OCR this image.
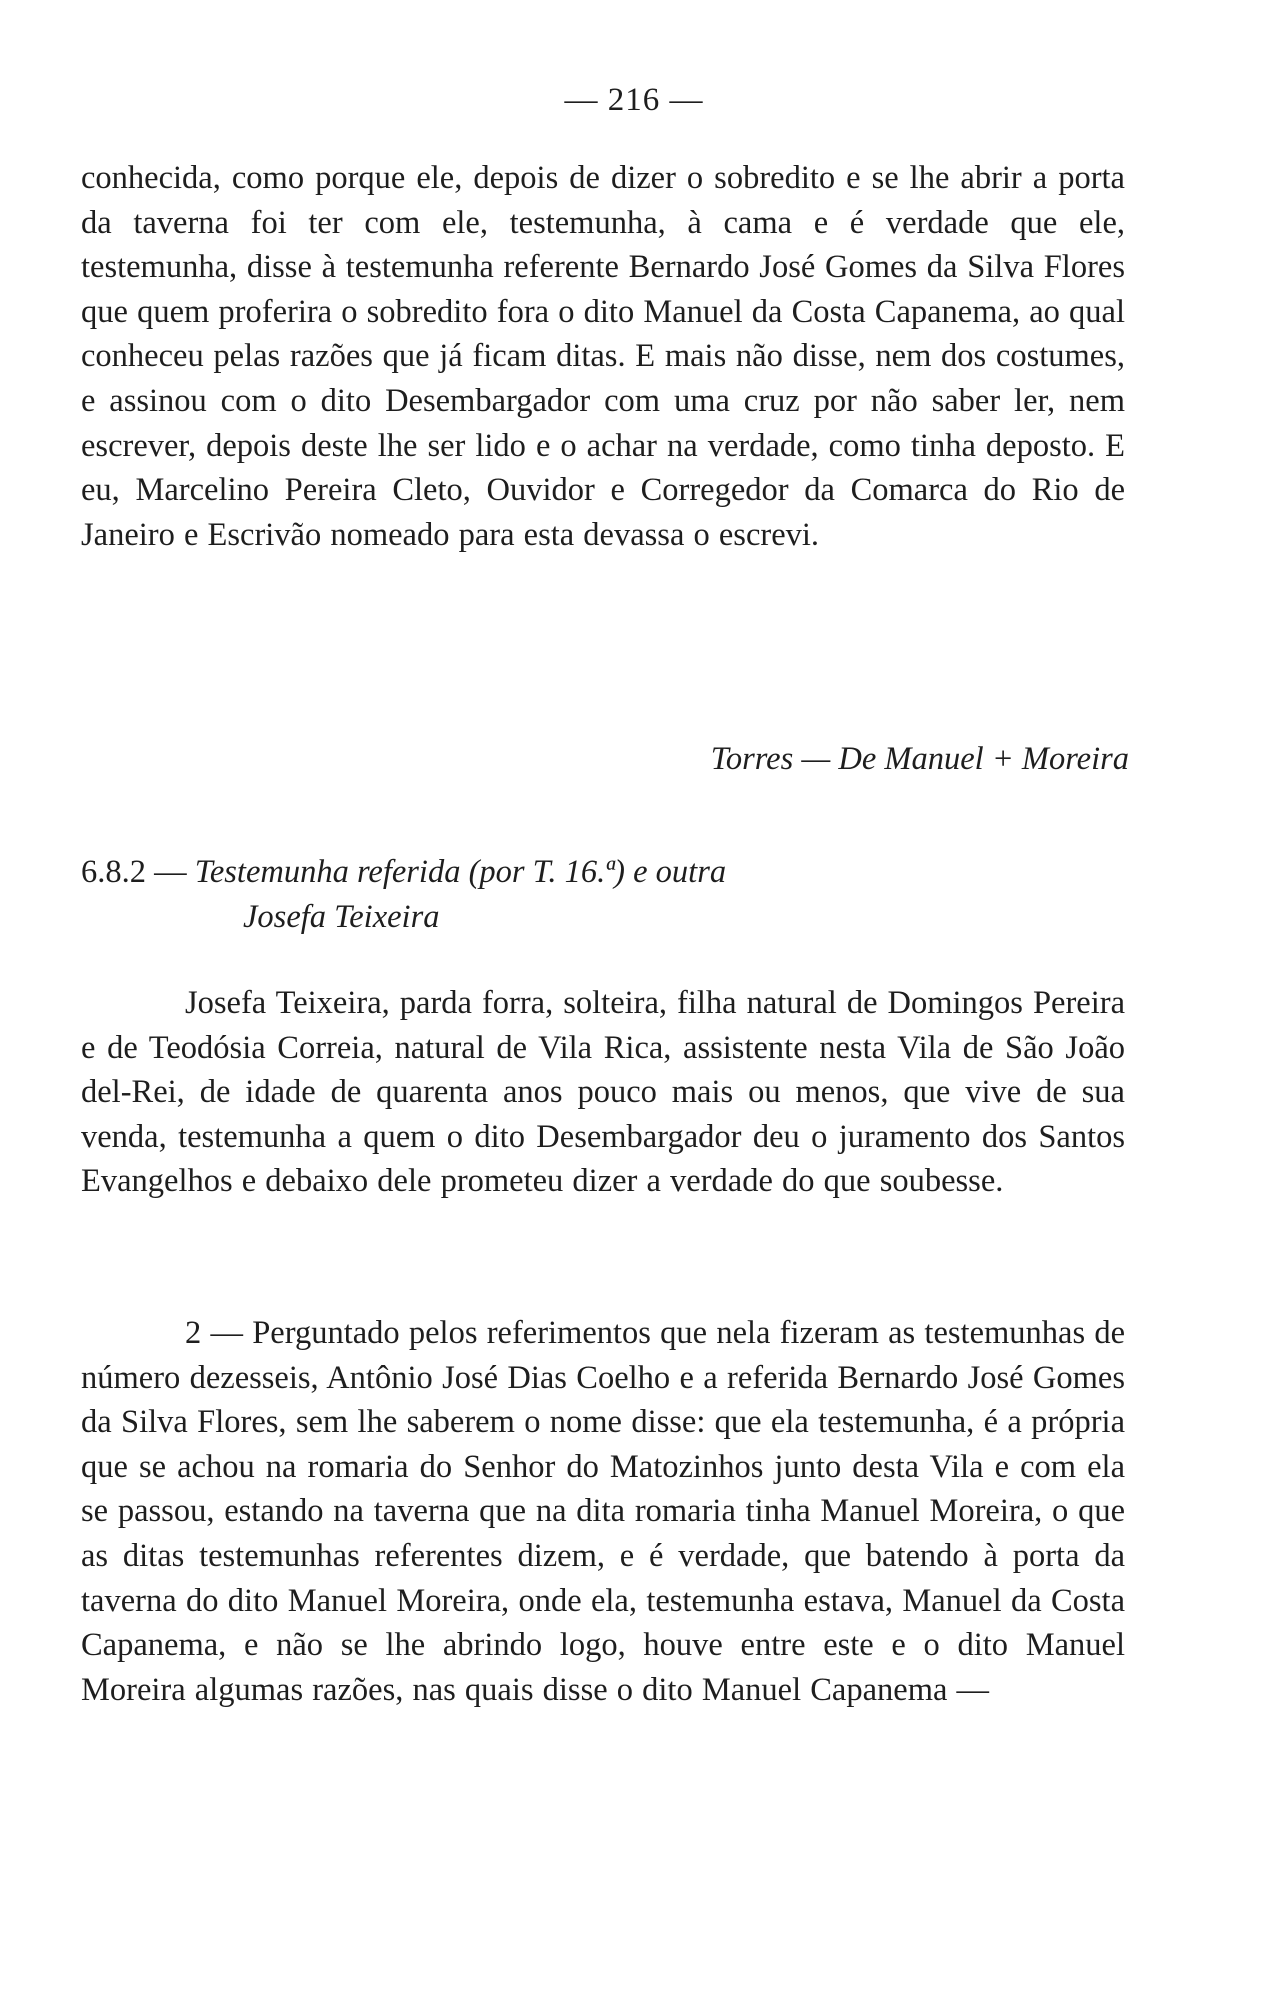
— 216 —

conhecida, como porque ele, depois de dizer o sobredito e se lhe abrir a porta da taverna foi ter com ele, testemunha, à cama e é verdade que ele, testemunha, disse à testemunha referente Bernardo José Gomes da Silva Flores que quem proferira o sobredito fora o dito Manuel da Costa Capanema, ao qual conheceu pelas razões que já ficam ditas. E mais não disse, nem dos costumes, e assinou com o dito Desembargador com uma cruz por não saber ler, nem escrever, depois deste lhe ser lido e o achar na verdade, como tinha deposto. E eu, Marcelino Pereira Cleto, Ouvidor e Corregedor da Comarca do Rio de Janeiro e Escrivão nomeado para esta devassa o escrevi.

Torres — De Manuel + Moreira
6.8.2 — Testemunha referida (por T. 16.ª) e outra
Josefa Teixeira

Josefa Teixeira, parda forra, solteira, filha natural de Domingos Pereira e de Teodósia Correia, natural de Vila Rica, assistente nesta Vila de São João del-Rei, de idade de quarenta anos pouco mais ou menos, que vive de sua venda, testemunha a quem o dito Desembargador deu o juramento dos Santos Evangelhos e debaixo dele prometeu dizer a verdade do que soubesse.

2 — Perguntado pelos referimentos que nela fizeram as testemunhas de número dezesseis, Antônio José Dias Coelho e a referida Bernardo José Gomes da Silva Flores, sem lhe saberem o nome disse: que ela testemunha, é a própria que se achou na romaria do Senhor do Matozinhos junto desta Vila e com ela se passou, estando na taverna que na dita romaria tinha Manuel Moreira, o que as ditas testemunhas referentes dizem, e é verdade, que batendo à porta da taverna do dito Manuel Moreira, onde ela, testemunha estava, Manuel da Costa Capanema, e não se lhe abrindo logo, houve entre este e o dito Manuel Moreira algumas razões, nas quais disse o dito Manuel Capanema —
